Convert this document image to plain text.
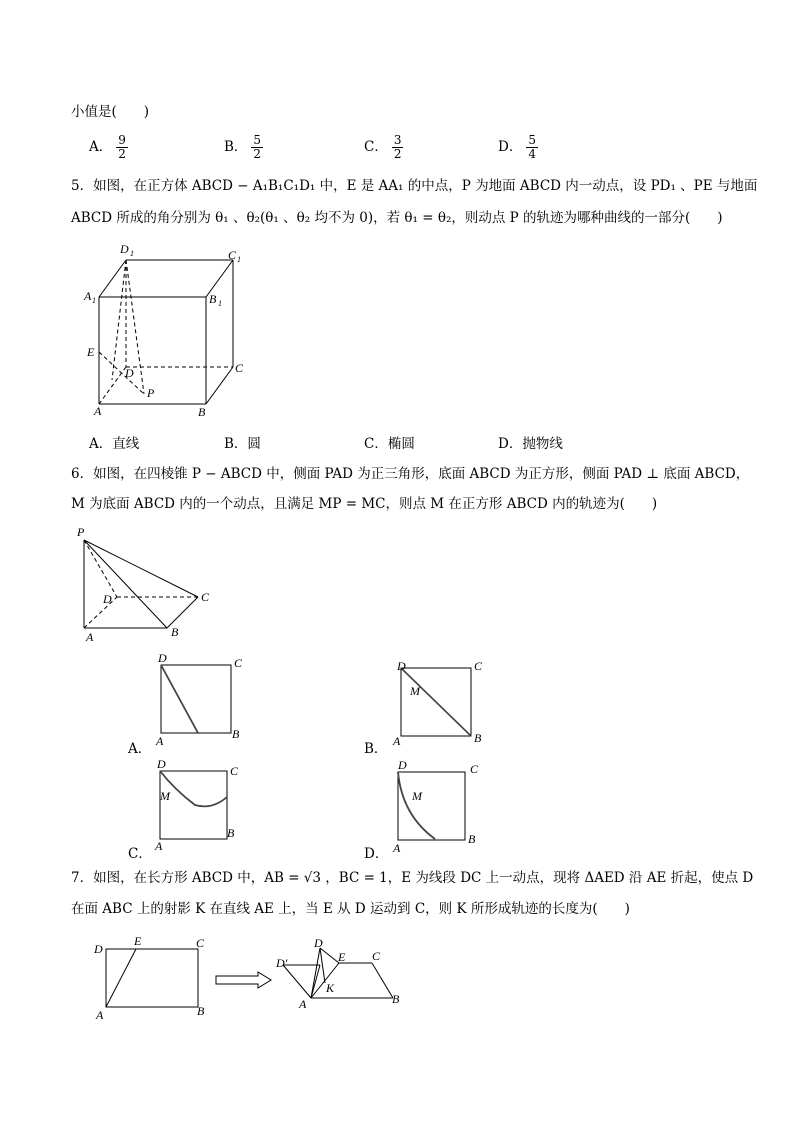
小值是(　　)
A． $\frac{9}{2}$	B． $\frac{5}{2}$	C． $\frac{3}{2}$	D． $\frac{5}{4}$
5．如图，在正方体 ABCD − A₁B₁C₁D₁ 中，E 是 AA₁ 的中点，P 为地面 ABCD 内一动点，设 PD₁ 、PE 与地面
ABCD 所成的角分别为 θ₁ 、θ₂(θ₁ 、θ₂ 均不为 0)，若 θ₁ = θ₂，则动点 P 的轨迹为哪种曲线的一部分(　　)
D 1	C 1
A 1	B 1
E
D	C
A
P
B
A．直线	B．圆	C．椭圆	D．抛物线
6．如图，在四棱锥 P − ABCD 中，侧面 PAD 为正三角形，底面 ABCD 为正方形，侧面 PAD ⊥ 底面 ABCD，
M 为底面 ABCD 内的一个动点，且满足 MP = MC，则点 M 在正方形 ABCD 内的轨迹为(　　)
P
D	C
A	B
A．
D	C
A	B
B．
D	C
M
A	B
C．
D	C
M
A
B
D．
D	C
M
A
B
7．如图，在长方形 ABCD 中，AB = √3 ，BC = 1，E 为线段 DC 上一动点，现将 ΔAED 沿 AE 折起，使点 D
在面 ABC 上的射影 K 在直线 AE 上，当 E 从 D 运动到 C，则 K 所形成轨迹的长度为(　　)
D
E	C
A	B
D′
D
E C
K
A	B
